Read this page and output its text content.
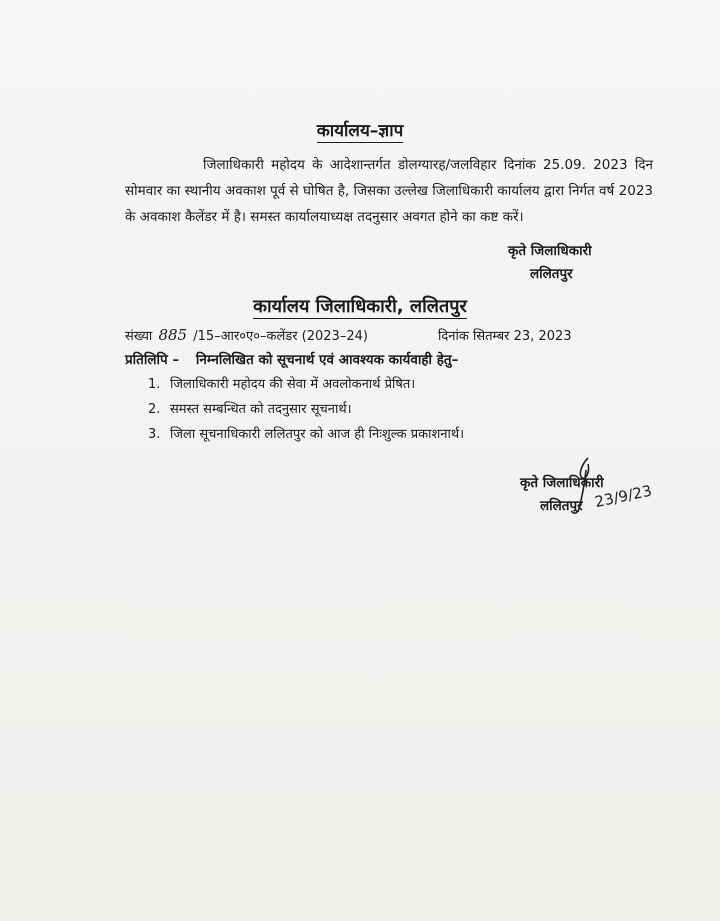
कार्यालय–ज्ञाप
जिलाधिकारी महोदय के आदेशान्तर्गत डोलग्यारह/जलविहार दिनांक 25.09. 2023 दिन सोमवार का स्थानीय अवकाश पूर्व से घोषित है, जिसका उल्लेख जिलाधिकारी कार्यालय द्वारा निर्गत वर्ष 2023 के अवकाश कैलेंडर में है। समस्त कार्यालयाध्यक्ष तदनुसार अवगत होने का कष्ट करें।
कृते जिलाधिकारी
ललितपुर
कार्यालय जिलाधिकारी, ललितपुर
संख्या 885 /15–आर०ए०–कलेंडर (2023–24)	दिनांक सितम्बर 23, 2023
प्रतिलिपि – निम्नलिखित को सूचनार्थ एवं आवश्यक कार्यवाही हेतु–
1. जिलाधिकारी महोदय की सेवा में अवलोकनार्थ प्रेषित।
2. समस्त सम्बन्धित को तदनुसार सूचनार्थ।
3. जिला सूचनाधिकारी ललितपुर को आज ही निःशुल्क प्रकाशनार्थ।
कृते जिलाधिकारी
ललितपुर 23/9/23
